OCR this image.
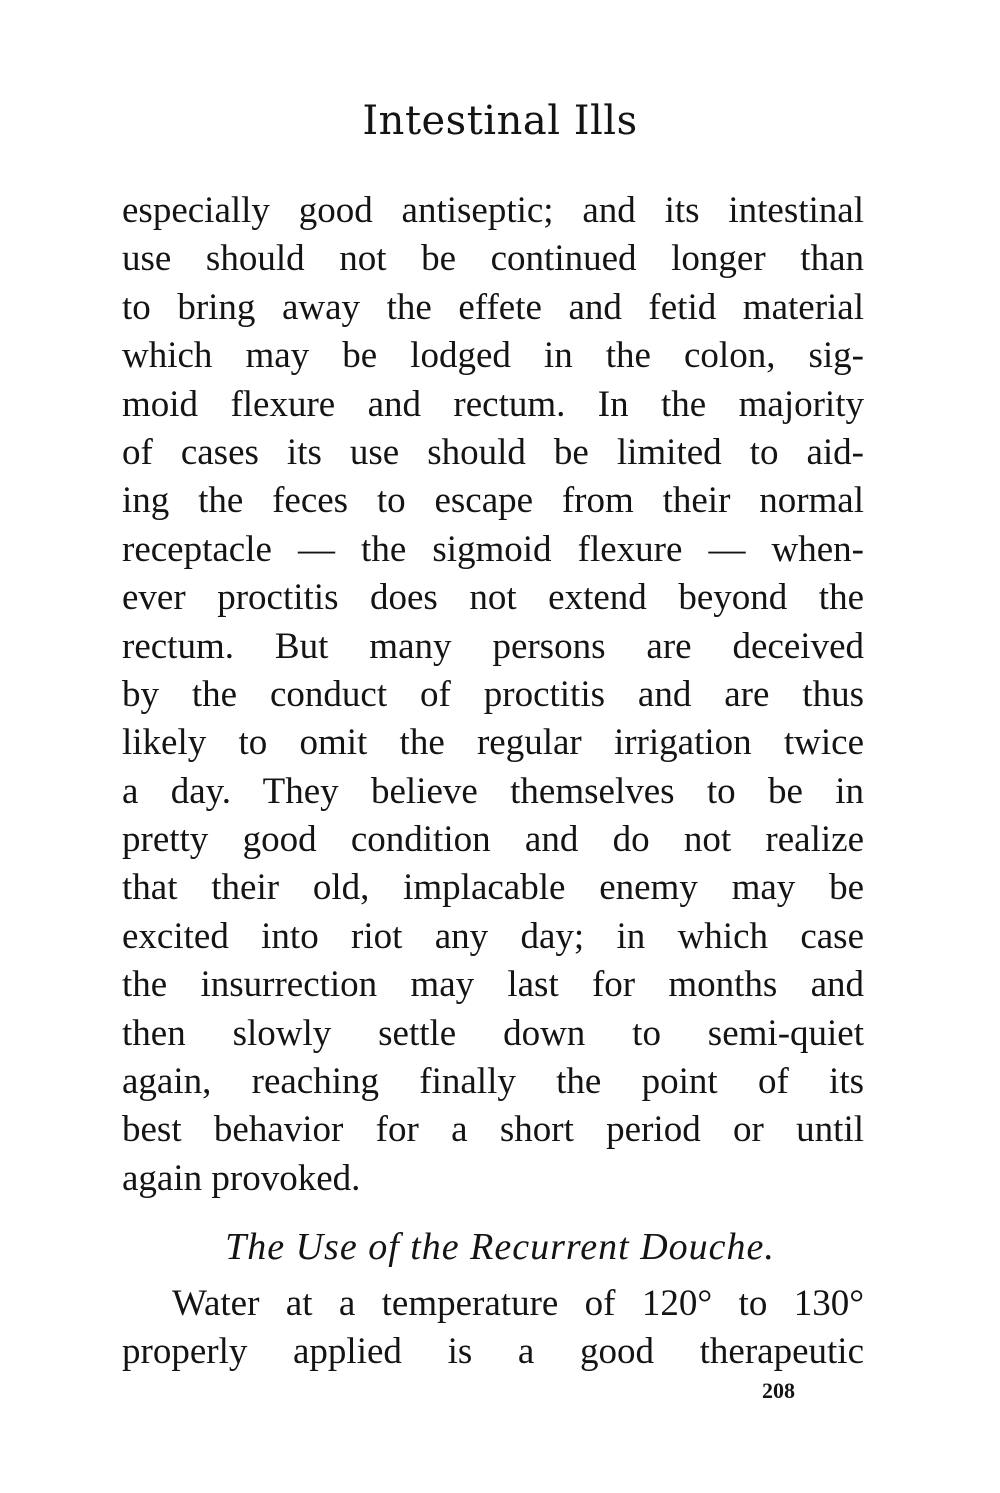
Intestinal Ills
especially good antiseptic; and its intestinal
use should not be continued longer than
to bring away the effete and fetid material
which may be lodged in the colon, sig-
moid flexure and rectum. In the majority
of cases its use should be limited to aid-
ing the feces to escape from their normal
receptacle — the sigmoid flexure — when-
ever proctitis does not extend beyond the
rectum. But many persons are deceived
by the conduct of proctitis and are thus
likely to omit the regular irrigation twice
a day. They believe themselves to be in
pretty good condition and do not realize
that their old, implacable enemy may be
excited into riot any day; in which case
the insurrection may last for months and
then slowly settle down to semi-quiet
again, reaching finally the point of its
best behavior for a short period or until
again provoked.
The Use of the Recurrent Douche.
Water at a temperature of 120° to 130°
properly applied is a good therapeutic
208
